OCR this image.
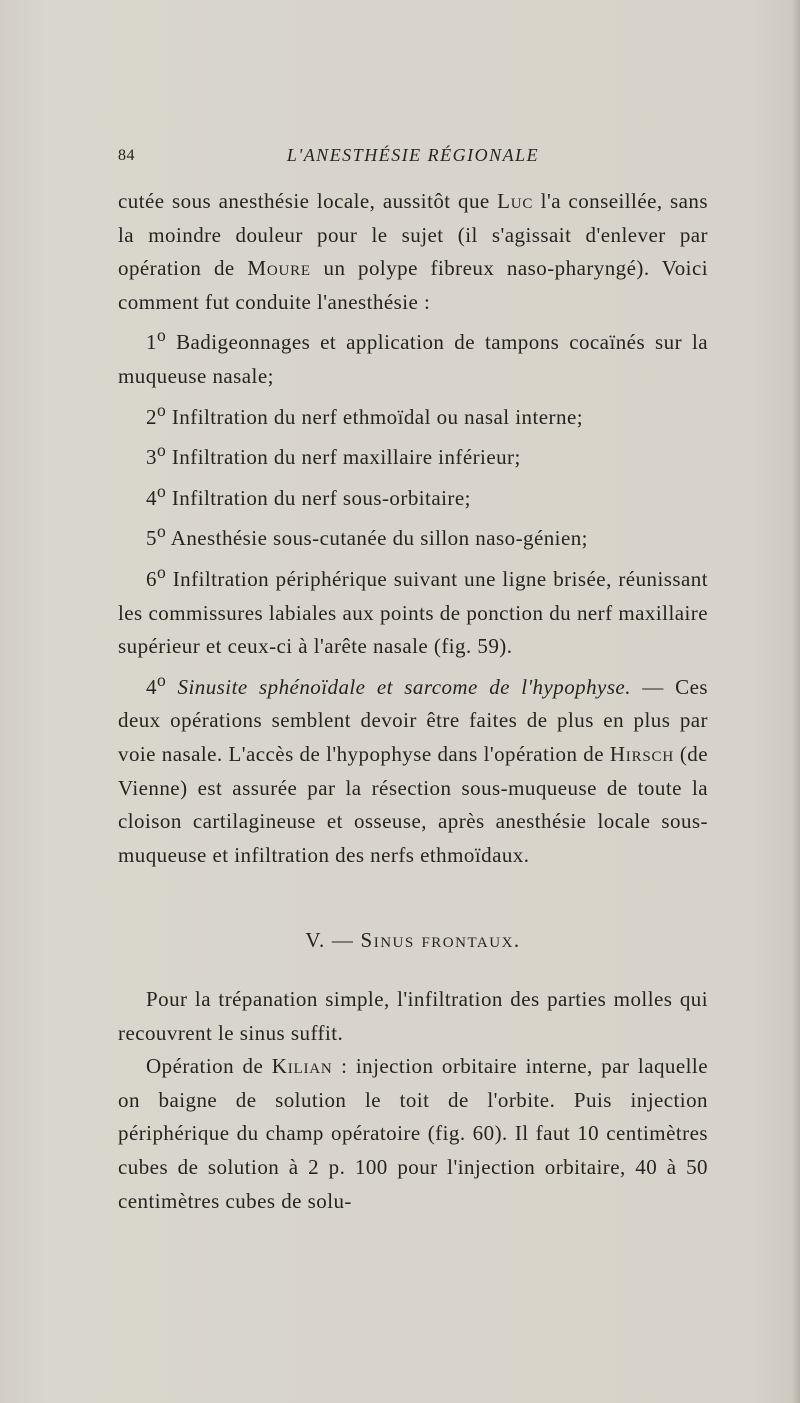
84	L'ANESTHÉSIE RÉGIONALE

cutée sous anesthésie locale, aussitôt que Luc l'a conseillée, sans la moindre douleur pour le sujet (il s'agissait d'enlever par opération de Moure un polype fibreux naso-pharyngé). Voici comment fut conduite l'anesthésie :

1$^o$ Badigeonnages et application de tampons cocaïnés sur la muqueuse nasale;

2$^o$ Infiltration du nerf ethmoïdal ou nasal interne;

3$^o$ Infiltration du nerf maxillaire inférieur;

4$^o$ Infiltration du nerf sous-orbitaire;

5$^o$ Anesthésie sous-cutanée du sillon naso-génien;

6$^o$ Infiltration périphérique suivant une ligne brisée, réunissant les commissures labiales aux points de ponction du nerf maxillaire supérieur et ceux-ci à l'arête nasale (fig. 59).

4$^o$ Sinusite sphénoïdale et sarcome de l'hypophyse. — Ces deux opérations semblent devoir être faites de plus en plus par voie nasale. L'accès de l'hypophyse dans l'opération de Hirsch (de Vienne) est assurée par la résection sous-muqueuse de toute la cloison cartilagineuse et osseuse, après anesthésie locale sous-muqueuse et infiltration des nerfs ethmoïdaux.

V. — Sinus frontaux.

Pour la trépanation simple, l'infiltration des parties molles qui recouvrent le sinus suffit.

Opération de Kilian : injection orbitaire interne, par laquelle on baigne de solution le toit de l'orbite. Puis injection périphérique du champ opératoire (fig. 60). Il faut 10 centimètres cubes de solution à 2 p. 100 pour l'injection orbitaire, 40 à 50 centimètres cubes de solu-
